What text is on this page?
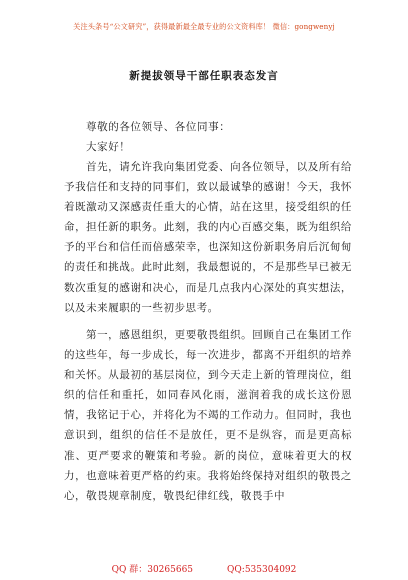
关注头条号“公文研究”，获得最新最全最专业的公文资料库！ 微信：gongwenyj
新提拔领导干部任职表态发言
尊敬的各位领导、各位同事：
大家好！

首先，请允许我向集团党委、向各位领导，以及所有给予我信任和支持的同事们，致以最诚挚的感谢！今天，我怀着既激动又深感责任重大的心情，站在这里，接受组织的任命，担任新的职务。此刻，我的内心百感交集，既为组织给予的平台和信任而倍感荣幸，也深知这份新职务肩后沉甸甸的责任和挑战。此时此刻，我最想说的，不是那些早已被无数次重复的感谢和决心，而是几点我内心深处的真实想法，以及未来履职的一些初步思考。

第一，感恩组织，更要敬畏组织。回顾自己在集团工作的这些年，每一步成长，每一次进步，都离不开组织的培养和关怀。从最初的基层岗位，到今天走上新的管理岗位，组织的信任和重托，如同春风化雨，滋润着我的成长这份恩情，我铭记于心，并将化为不竭的工作动力。但同时，我也意识到，组织的信任不是放任，更不是纵容，而是更高标准、更严要求的鞭策和考验。新的岗位，意味着更大的权力，也意味着更严格的约束。我将始终保持对组织的敬畏之心，敬畏规章制度，敬畏纪律红线，敬畏手中

QQ 群：30265665	QQ:535304092
